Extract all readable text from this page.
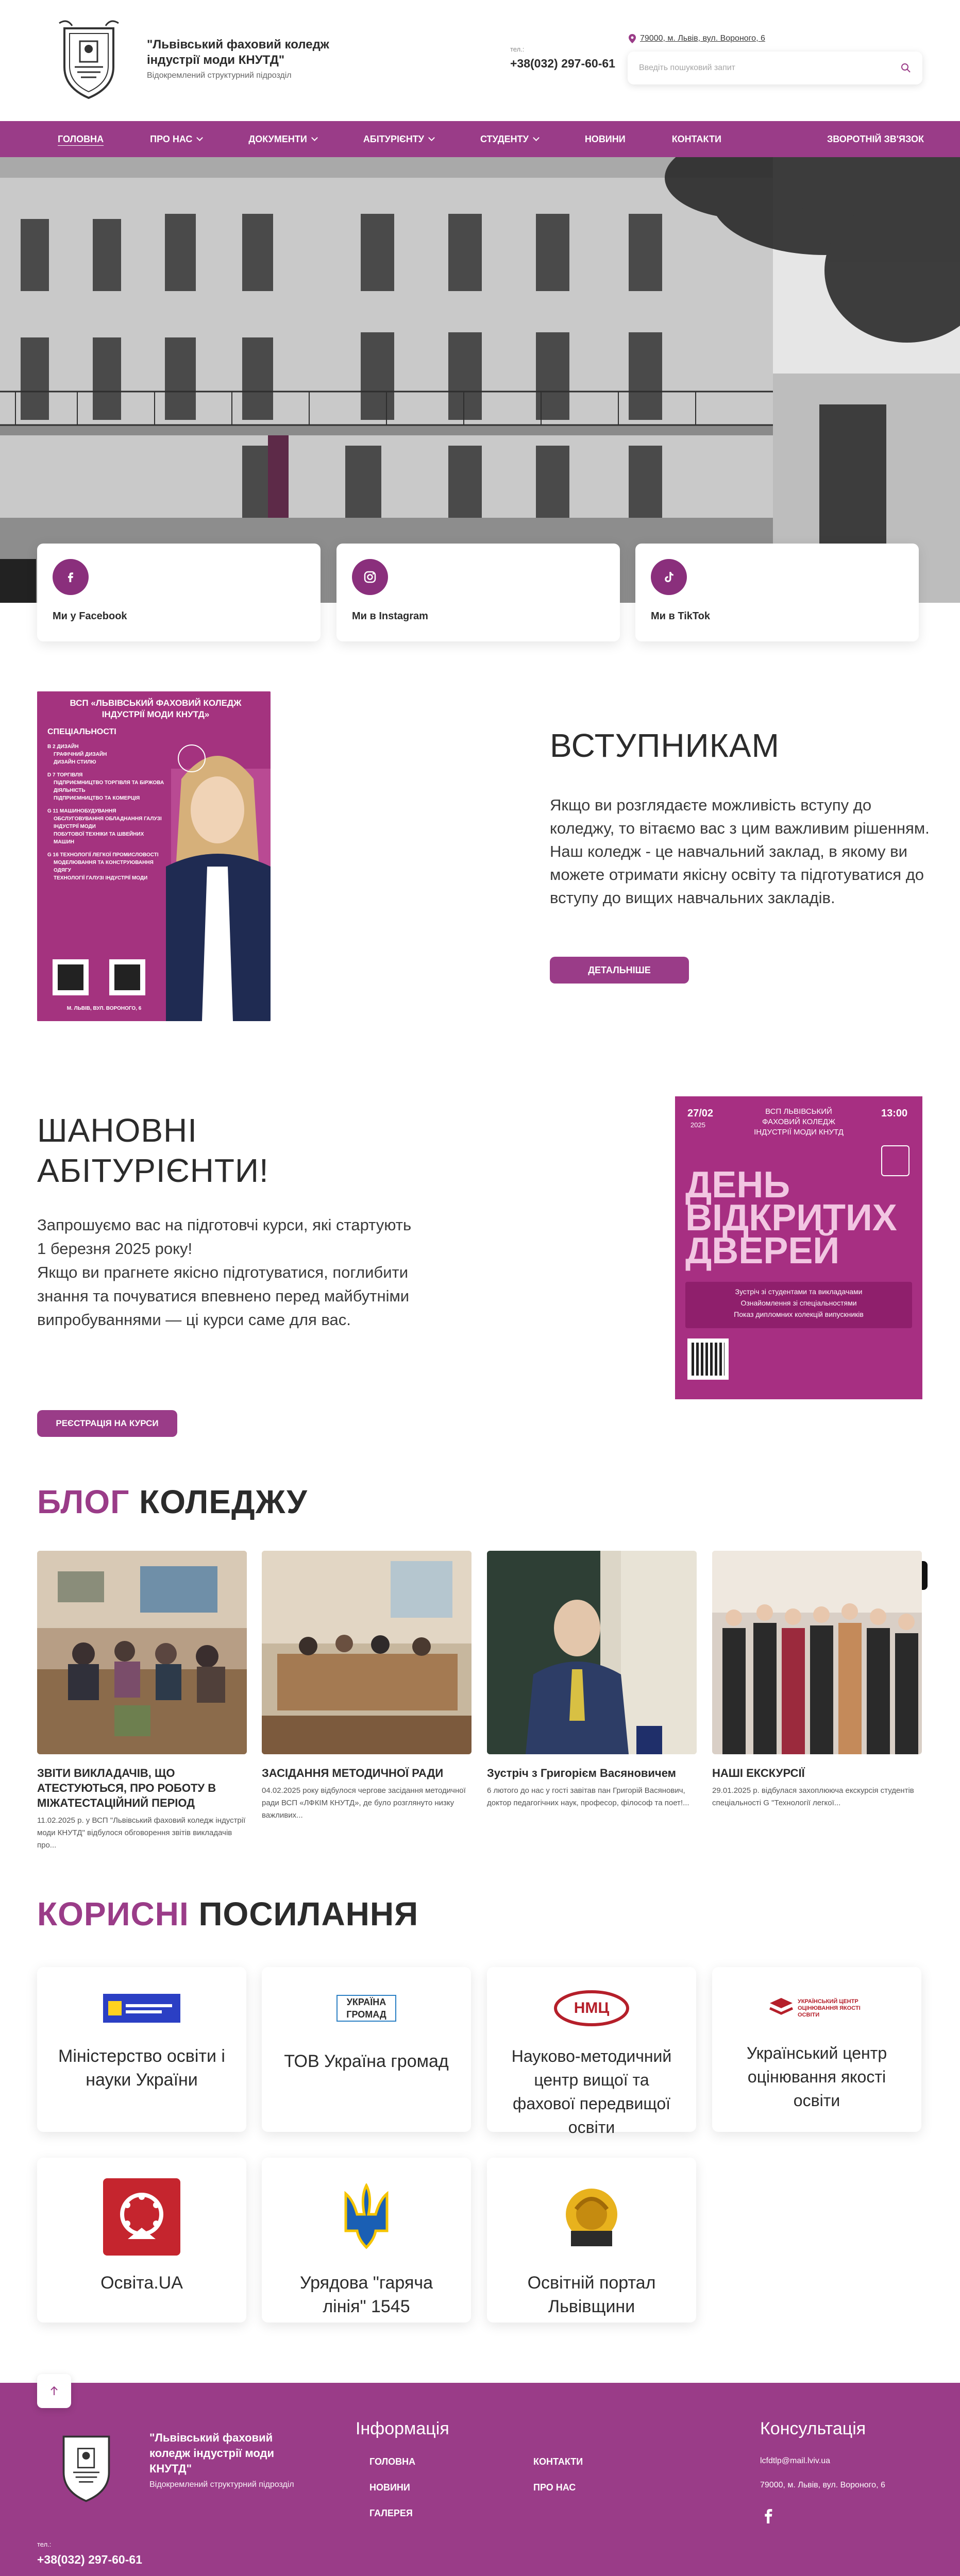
"Львівський фаховий коледж індустрії моди КНУТД"
Відокремлений структурний підрозділ
тел.:
+38(032) 297-60-61
79000, м. Львів, вул. Вороного, 6
Введіть пошуковий запит
ГОЛОВНА	ПРО НАС	ДОКУМЕНТИ	АБІТУРІЄНТУ	СТУДЕНТУ	НОВИНИ	КОНТАКТИ	ЗВОРОТНІЙ ЗВ'ЯЗОК
Ми у Facebook	Ми в Instagram	Ми в TikTok
ВСП «ЛЬВІВСЬКИЙ ФАХОВИЙ КОЛЕДЖ ІНДУСТРІЇ МОДИ КНУТД»
СПЕЦІАЛЬНОСТІ
В 2 ДИЗАЙН
ГРАФІЧНИЙ ДИЗАЙН
ДИЗАЙН СТИЛЮ
D 7 ТОРГІВЛЯ
ПІДПРИЄМНИЦТВО ТОРГІВЛЯ ТА БІРЖОВА ДІЯЛЬНІСТЬ
ПІДПРИЄМНИЦТВО ТА КОМЕРЦІЯ
G 11 МАШИНОБУДУВАННЯ
ОБСЛУГОВУВАННЯ ОБЛАДНАННЯ ГАЛУЗІ ІНДУСТРІЇ МОДИ
ПОБУТОВОЇ ТЕХНІКИ ТА ШВЕЙНИХ МАШИН
G 16 ТЕХНОЛОГІЇ ЛЕГКОЇ ПРОМИСЛОВОСТІ
МОДЕЛЮВАННЯ ТА КОНСТРУЮВАННЯ ОДЯГУ
ТЕХНОЛОГІЇ ГАЛУЗІ ІНДУСТРІЇ МОДИ
М. ЛЬВІВ, ВУЛ. ВОРОНОГО, 6
ВСТУПНИКАМ
Якщо ви розглядаєте можливість вступу до коледжу, то вітаємо вас з цим важливим рішенням. Наш коледж - це навчальний заклад, в якому ви можете отримати якісну освіту та підготуватися до вступу до вищих навчальних закладів.
ДЕТАЛЬНІШЕ
ШАНОВНІ
АБІТУРІЄНТИ!
Запрошуємо вас на підготовчі курси, які стартують 1 березня 2025 року!
Якщо ви прагнете якісно підготуватися, поглибити знання та почуватися впевнено перед майбутніми випробуваннями — ці курси саме для вас.
РЕЄСТРАЦІЯ НА КУРСИ
27/02
2025
ВСП ЛЬВІВСЬКИЙ ФАХОВИЙ КОЛЕДЖ ІНДУСТРІЇ МОДИ КНУТД
13:00
ДЕНЬ
ВІДКРИТИХ
ДВЕРЕЙ
Зустріч зі студентами та викладачами
Ознайомлення зі спеціальностями
Показ дипломних колекцій випускників
БЛОГ КОЛЕДЖУ
ЗВІТИ ВИКЛАДАЧІВ, ЩО АТЕСТУЮТЬСЯ, ПРО РОБОТУ В МІЖАТЕСТАЦІЙНИЙ ПЕРІОД
11.02.2025 р. у ВСП "Львівський фаховий коледж індустрії моди КНУТД" відбулося обговорення звітів викладачів про...
ЗАСІДАННЯ МЕТОДИЧНОЇ РАДИ
04.02.2025 року відбулося чергове засідання методичної ради ВСП «ЛФКІМ КНУТД», де було розглянуто низку важливих...
Зустріч з Григорієм Васяновичем
6 лютого до нас у гості завітав пан Григорій Васянович, доктор педагогічних наук, професор, філософ та поет!...
НАШІ ЕКСКУРСІЇ
29.01.2025 р. відбулася захоплююча екскурсія студентів спеціальності G "Технології легкої...
КОРИСНІ ПОСИЛАННЯ
Міністерство освіти і науки України
УКРАЇНА ГРОМАД
ТОВ Україна громад
НМЦ
Науково-методичний центр вищої та фахової передвищої освіти
УКРАЇНСЬКИЙ ЦЕНТР ОЦІНЮВАННЯ ЯКОСТІ ОСВІТИ
Український центр оцінювання якості освіти
Освіта.UA	Урядова "гаряча лінія" 1545
Освітній портал Львівщини
"Львівський фаховий коледж індустрії моди КНУТД"
Відокремлений структурний підрозділ
тел.:
+38(032) 297-60-61
Інформація
ГОЛОВНА
НОВИНИ
ГАЛЕРЕЯ
КОНТАКТИ
ПРО НАС
Консультація
lcfdtlp@mail.lviv.ua
79000, м. Львів, вул. Вороного, 6
